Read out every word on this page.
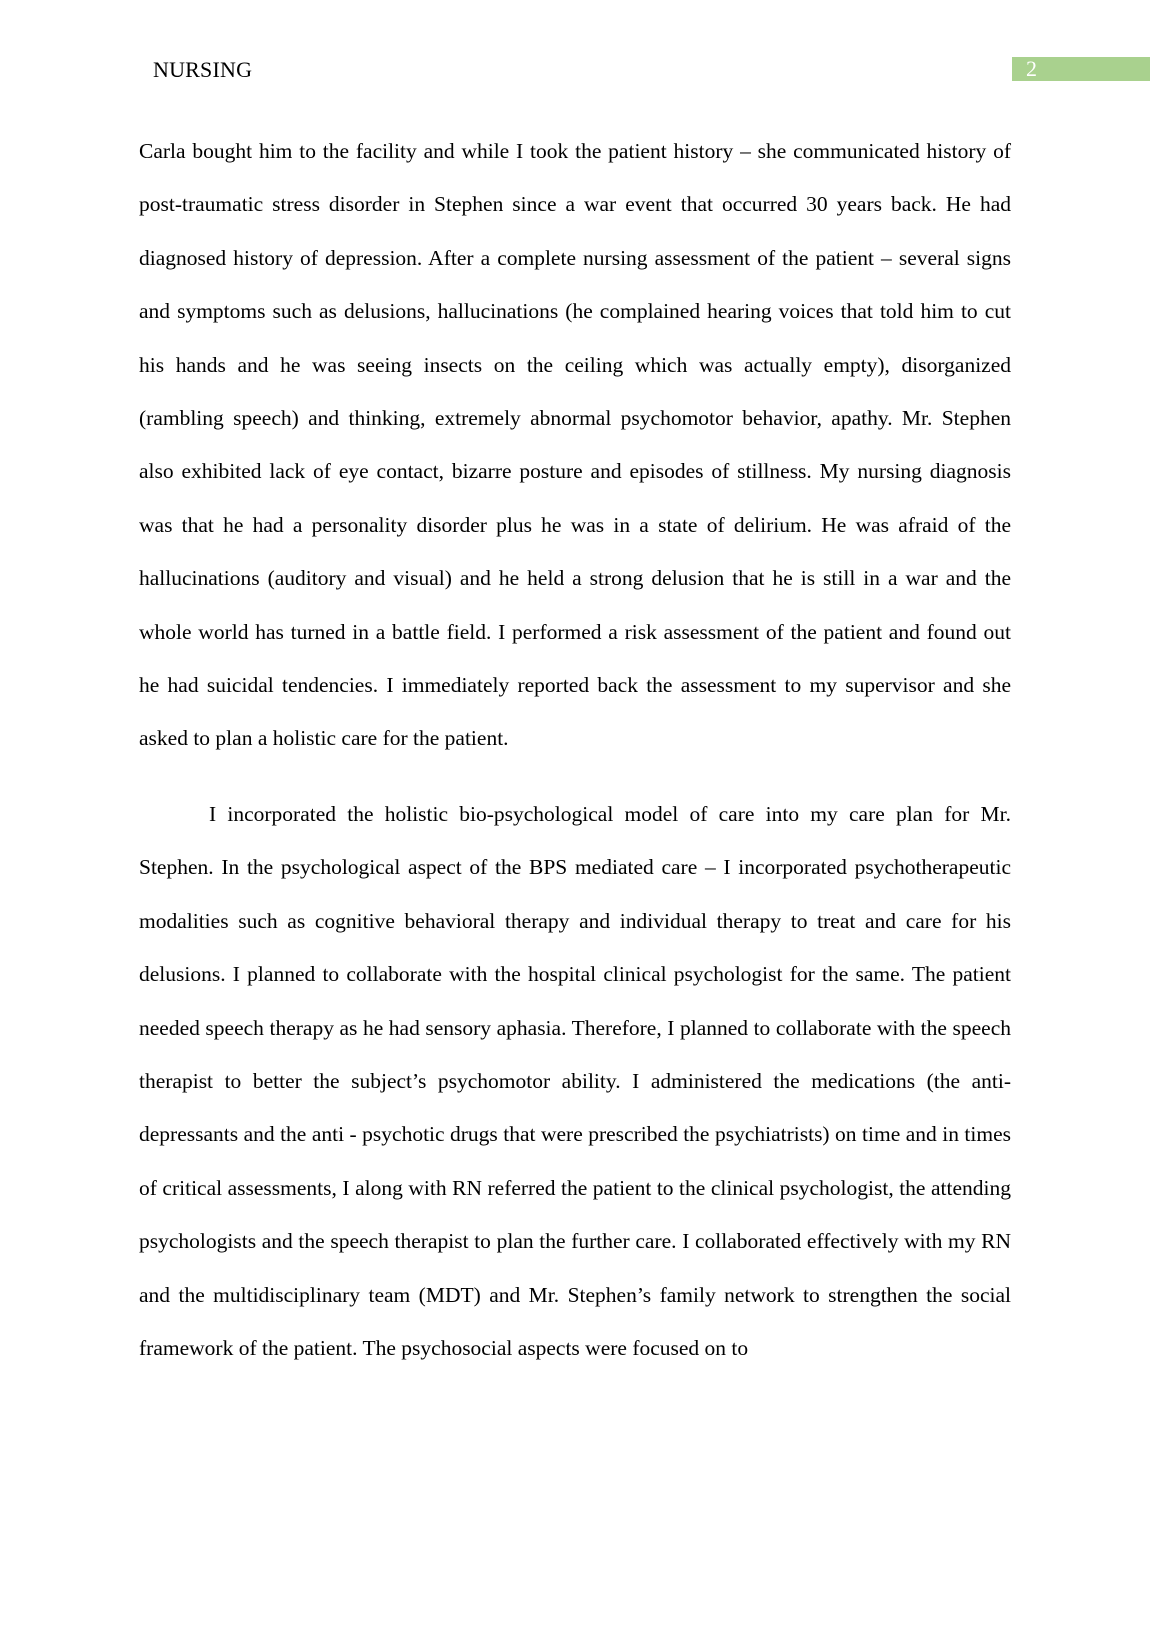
NURSING	2

Carla bought him to the facility and while I took the patient history – she communicated history of post-traumatic stress disorder in Stephen since a war event that occurred 30 years back. He had diagnosed history of depression. After a complete nursing assessment of the patient – several signs and symptoms such as delusions, hallucinations (he complained hearing voices that told him to cut his hands and he was seeing insects on the ceiling which was actually empty), disorganized (rambling speech) and thinking, extremely abnormal psychomotor behavior, apathy. Mr. Stephen also exhibited lack of eye contact, bizarre posture and episodes of stillness. My nursing diagnosis was that he had a personality disorder plus he was in a state of delirium. He was afraid of the hallucinations (auditory and visual) and he held a strong delusion that he is still in a war and the whole world has turned in a battle field. I performed a risk assessment of the patient and found out he had suicidal tendencies. I immediately reported back the assessment to my supervisor and she asked to plan a holistic care for the patient.

I incorporated the holistic bio-psychological model of care into my care plan for Mr. Stephen. In the psychological aspect of the BPS mediated care – I incorporated psychotherapeutic modalities such as cognitive behavioral therapy and individual therapy to treat and care for his delusions. I planned to collaborate with the hospital clinical psychologist for the same. The patient needed speech therapy as he had sensory aphasia. Therefore, I planned to collaborate with the speech therapist to better the subject’s psychomotor ability. I administered the medications (the anti-depressants and the anti - psychotic drugs that were prescribed the psychiatrists) on time and in times of critical assessments, I along with RN referred the patient to the clinical psychologist, the attending psychologists and the speech therapist to plan the further care. I collaborated effectively with my RN and the multidisciplinary team (MDT) and Mr. Stephen’s family network to strengthen the social framework of the patient. The psychosocial aspects were focused on to
